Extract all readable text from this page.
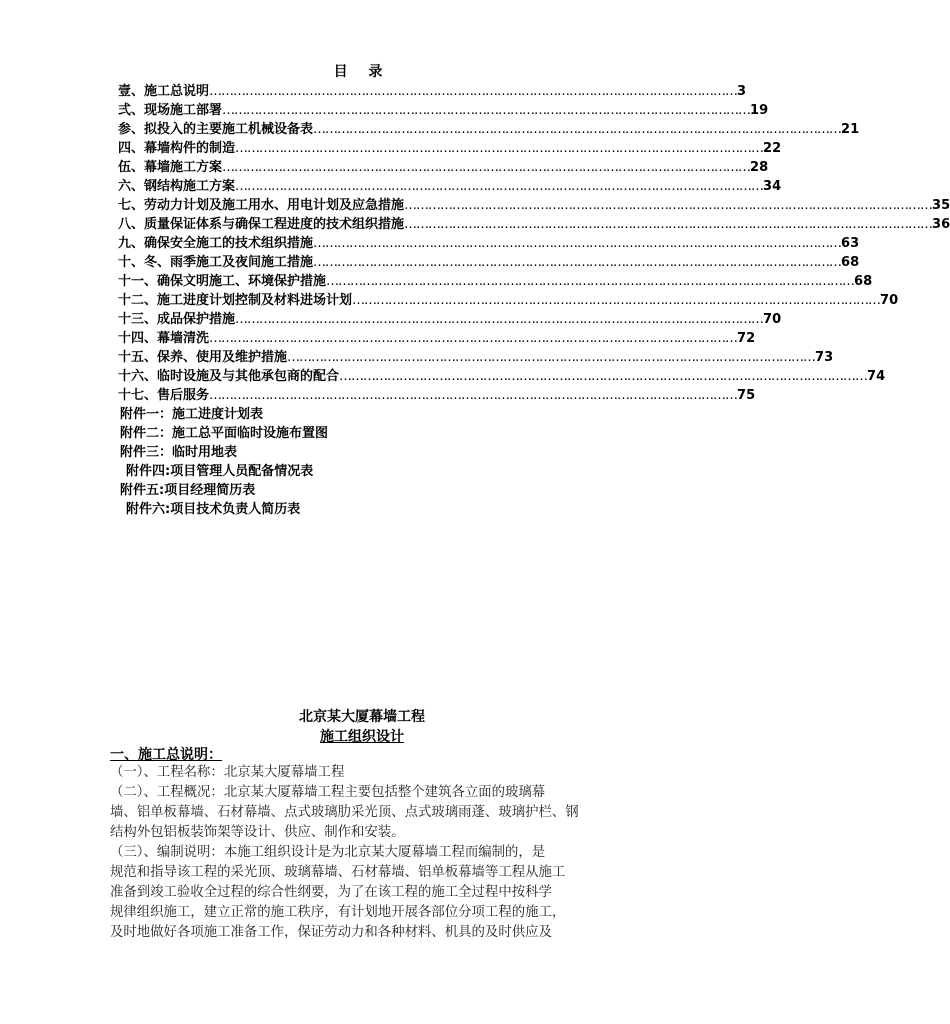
目 录
壹、 施工总说明 …………………………………………………………………………………………………………………… 3
弍、 现场施工部署 …………………………………………………………………………………………………………………… 19
参、 拟投入的主要施工机械设备表 …………………………………………………………………………………………………………………… 21
四、 幕墙构件的制造 …………………………………………………………………………………………………………………… 22
伍、 幕墙施工方案 …………………………………………………………………………………………………………………… 28
六、 钢结构施工方案 …………………………………………………………………………………………………………………… 34
七、 劳动力计划及施工用水、用电计划及应急措施 …………………………………………………………………………………………………………………… 35
八、 质量保证体系与确保工程进度的技术组织措施 …………………………………………………………………………………………………………………… 36
九、 确保安全施工的技术组织措施 …………………………………………………………………………………………………………………… 63
十、 冬、雨季施工及夜间施工措施 …………………………………………………………………………………………………………………… 68
十一、 确保文明施工、环境保护措施 …………………………………………………………………………………………………………………… 68
十二、 施工进度计划控制及材料进场计划 …………………………………………………………………………………………………………………… 70
十三、 成品保护措施 …………………………………………………………………………………………………………………… 70
十四、 幕墙清洗 …………………………………………………………………………………………………………………… 72
十五、 保养、使用及维护措施 …………………………………………………………………………………………………………………… 73
十六、 临时设施及与其他承包商的配合 …………………………………………………………………………………………………………………… 74
十七、 售后服务 …………………………………………………………………………………………………………………… 75
附件一：施工进度计划表
附件二：施工总平面临时设施布置图
附件三：临时用地表
附件四:项目管理人员配备情况表
附件五:项目经理简历表
附件六:项目技术负责人简历表
北京某大厦幕墙工程
施工组织设计
一、施工总说明：
（一）、工程名称：北京某大厦幕墙工程
（二）、工程概况：北京某大厦幕墙工程主要包括整个建筑各立面的玻璃幕
墙、铝单板幕墙、石材幕墙、点式玻璃肋采光顶、点式玻璃雨蓬、玻璃护栏、钢
结构外包铝板装饰架等设计、供应、制作和安装。
（三）、编制说明：本施工组织设计是为北京某大厦幕墙工程而编制的，是
规范和指导该工程的采光顶、玻璃幕墙、石材幕墙、铝单板幕墙等工程从施工
准备到竣工验收全过程的综合性纲要，为了在该工程的施工全过程中按科学
规律组织施工，建立正常的施工秩序，有计划地开展各部位分项工程的施工，
及时地做好各项施工准备工作，保证劳动力和各种材料、机具的及时供应及
